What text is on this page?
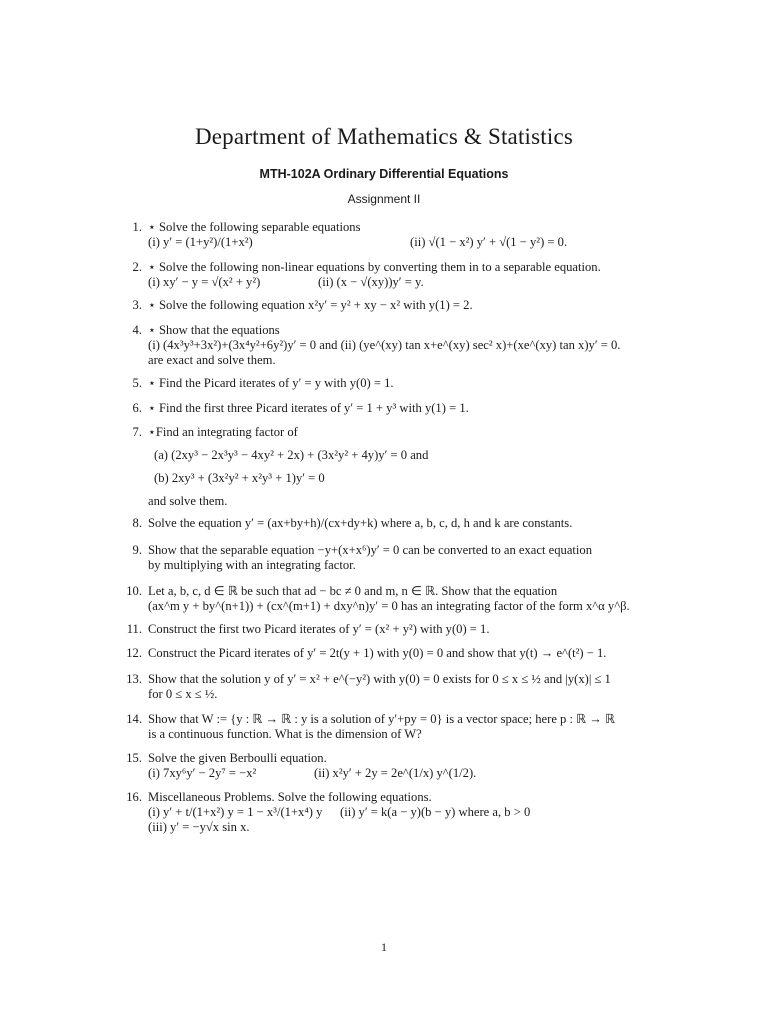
Department of Mathematics & Statistics
MTH-102A Ordinary Differential Equations
Assignment II
1. ⋆ Solve the following separable equations
(i) y′ = (1+y²)/(1+x²)	(ii) √(1 − x²) y′ + √(1 − y²) = 0.
2. ⋆ Solve the following non-linear equations by converting them in to a separable equation.
(i) xy′ − y = √(x² + y²)	(ii) (x − √(xy))y′ = y.
3. ⋆ Solve the following equation x²y′ = y² + xy − x² with y(1) = 2.
4. ⋆ Show that the equations
(i) (4x³y³+3x²)+(3x⁴y²+6y²)y′ = 0 and (ii) (ye^(xy) tan x+e^(xy) sec² x)+(xe^(xy) tan x)y′ = 0.
are exact and solve them.
5. ⋆ Find the Picard iterates of y′ = y with y(0) = 1.
6. ⋆ Find the first three Picard iterates of y′ = 1 + y³ with y(1) = 1.
7. ⋆Find an integrating factor of
(a) (2xy³ − 2x³y³ − 4xy² + 2x) + (3x²y² + 4y)y′ = 0 and
(b) 2xy³ + (3x²y² + x²y³ + 1)y′ = 0
and solve them.
8. Solve the equation y′ = (ax+by+h)/(cx+dy+k) where a, b, c, d, h and k are constants.
9. Show that the separable equation −y+(x+x⁶)y′ = 0 can be converted to an exact equation
by multiplying with an integrating factor.
10. Let a, b, c, d ∈ ℝ be such that ad − bc ≠ 0 and m, n ∈ ℝ. Show that the equation
(ax^m y + by^(n+1)) + (cx^(m+1) + dxy^n)y′ = 0 has an integrating factor of the form x^α y^β.
11. Construct the first two Picard iterates of y′ = (x² + y²) with y(0) = 1.
12. Construct the Picard iterates of y′ = 2t(y + 1) with y(0) = 0 and show that y(t) → e^(t²) − 1.
13. Show that the solution y of y′ = x² + e^(−y²) with y(0) = 0 exists for 0 ≤ x ≤ ½ and |y(x)| ≤ 1
for 0 ≤ x ≤ ½.
14. Show that W := {y : ℝ → ℝ : y is a solution of y′+py = 0} is a vector space; here p : ℝ → ℝ
is a continuous function. What is the dimension of W?
15. Solve the given Berboulli equation.
(i) 7xy⁶y′ − 2y⁷ = −x²	(ii) x²y′ + 2y = 2e^(1/x) y^(1/2).
16. Miscellaneous Problems. Solve the following equations.
(i) y′ + t/(1+x²) y = 1 − x³/(1+x⁴) y (ii) y′ = k(a − y)(b − y) where a, b > 0
(iii) y′ = −y√x sin x.
1
